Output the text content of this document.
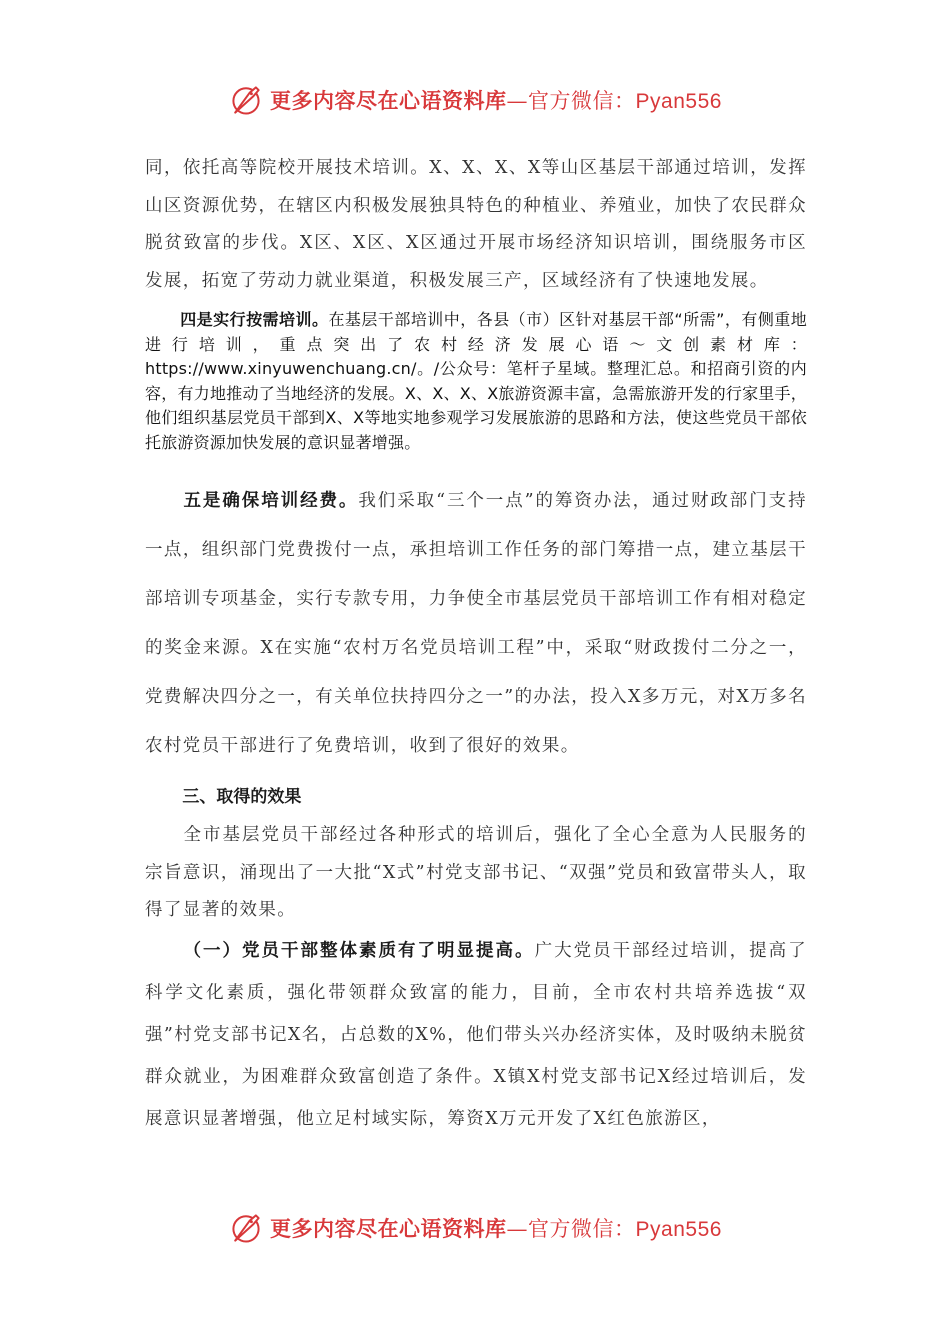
更多内容尽在心语资料库—官方微信：Pyan556

同，依托高等院校开展技术培训。X、X、X、X等山区基层干部通过培训，发挥山区资源优势，在辖区内积极发展独具特色的种植业、养殖业，加快了农民群众脱贫致富的步伐。X区、X区、X区通过开展市场经济知识培训，围绕服务市区发展，拓宽了劳动力就业渠道，积极发展三产，区域经济有了快速地发展。

四是实行按需培训。在基层干部培训中，各县（市）区针对基层干部“所需”，有侧重地进行培训，重点突出了农村经济发展心语～文创素材库：https://www.xinyuwenchuang.cn/。/公众号：笔杆子星域。整理汇总。和招商引资的内容，有力地推动了当地经济的发展。X、X、X、X旅游资源丰富，急需旅游开发的行家里手，他们组织基层党员干部到X、X等地实地参观学习发展旅游的思路和方法，使这些党员干部依托旅游资源加快发展的意识显著增强。

五是确保培训经费。我们采取“三个一点”的筹资办法，通过财政部门支持一点，组织部门党费拨付一点，承担培训工作任务的部门筹措一点，建立基层干部培训专项基金，实行专款专用，力争使全市基层党员干部培训工作有相对稳定的奖金来源。X在实施“农村万名党员培训工程”中，采取“财政拨付二分之一，党费解决四分之一，有关单位扶持四分之一”的办法，投入X多万元，对X万多名农村党员干部进行了免费培训，收到了很好的效果。

三、取得的效果

全市基层党员干部经过各种形式的培训后，强化了全心全意为人民服务的宗旨意识，涌现出了一大批“X式”村党支部书记、“双强”党员和致富带头人，取得了显著的效果。

（一）党员干部整体素质有了明显提高。广大党员干部经过培训，提高了科学文化素质，强化带领群众致富的能力，目前，全市农村共培养选拔“双强”村党支部书记X名，占总数的X%，他们带头兴办经济实体，及时吸纳未脱贫群众就业，为困难群众致富创造了条件。X镇X村党支部书记X经过培训后，发展意识显著增强，他立足村域实际，筹资X万元开发了X红色旅游区，

更多内容尽在心语资料库—官方微信：Pyan556
